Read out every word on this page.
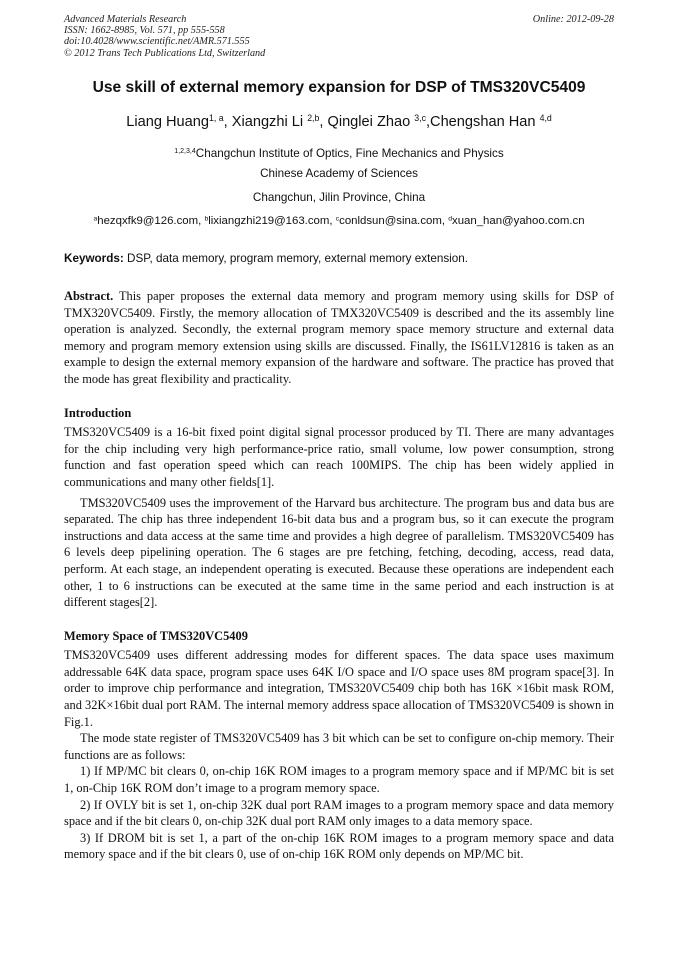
Advanced Materials Research
ISSN: 1662-8985, Vol. 571, pp 555-558
doi:10.4028/www.scientific.net/AMR.571.555
© 2012 Trans Tech Publications Ltd, Switzerland
Online: 2012-09-28
Use skill of external memory expansion for DSP of TMS320VC5409
Liang Huang$^{1, a}$, Xiangzhi Li $^{2,b}$, Qinglei Zhao $^{3,c}$,Chengshan Han $^{4,d}$
$^{1,2,3,4}$Changchun Institute of Optics, Fine Mechanics and Physics
Chinese Academy of Sciences
Changchun, Jilin Province, China
$^a$hezqxfk9@126.com, $^b$lixiangzhi219@163.com, $^c$conldsun@sina.com, $^d$xuan_han@yahoo.com.cn
Keywords: DSP, data memory, program memory, external memory extension.

Abstract. This paper proposes the external data memory and program memory using skills for DSP of TMX320VC5409. Firstly, the memory allocation of TMX320VC5409 is described and the its assembly line operation is analyzed. Secondly, the external program memory space memory structure and external data memory and program memory extension using skills are discussed. Finally, the IS61LV12816 is taken as an example to design the external memory expansion of the hardware and software. The practice has proved that the mode has great flexibility and practicality.

Introduction

TMS320VC5409 is a 16-bit fixed point digital signal processor produced by TI. There are many advantages for the chip including very high performance-price ratio, small volume, low power consumption, strong function and fast operation speed which can reach 100MIPS. The chip has been widely applied in communications and many other fields[1].

TMS320VC5409 uses the improvement of the Harvard bus architecture. The program bus and data bus are separated. The chip has three independent 16-bit data bus and a program bus, so it can execute the program instructions and data access at the same time and provides a high degree of parallelism. TMS320VC5409 has 6 levels deep pipelining operation. The 6 stages are pre fetching, fetching, decoding, access, read data, perform. At each stage, an independent operating is executed. Because these operations are independent each other, 1 to 6 instructions can be executed at the same time in the same period and each instruction is at different stages[2].

Memory Space of TMS320VC5409

TMS320VC5409 uses different addressing modes for different spaces. The data space uses maximum addressable 64K data space, program space uses 64K I/O space and I/O space uses 8M program space[3]. In order to improve chip performance and integration, TMS320VC5409 chip both has 16K ×16bit mask ROM, and 32K×16bit dual port RAM. The internal memory address space allocation of TMS320VC5409 is shown in Fig.1.

The mode state register of TMS320VC5409 has 3 bit which can be set to configure on-chip memory. Their functions are as follows:

1) If MP/MC bit clears 0, on-chip 16K ROM images to a program memory space and if MP/MC bit is set 1, on-Chip 16K ROM don’t image to a program memory space.

2) If OVLY bit is set 1, on-chip 32K dual port RAM images to a program memory space and data memory space and if the bit clears 0, on-chip 32K dual port RAM only images to a data memory space.

3) If DROM bit is set 1, a part of the on-chip 16K ROM images to a program memory space and data memory space and if the bit clears 0, use of on-chip 16K ROM only depends on MP/MC bit.
